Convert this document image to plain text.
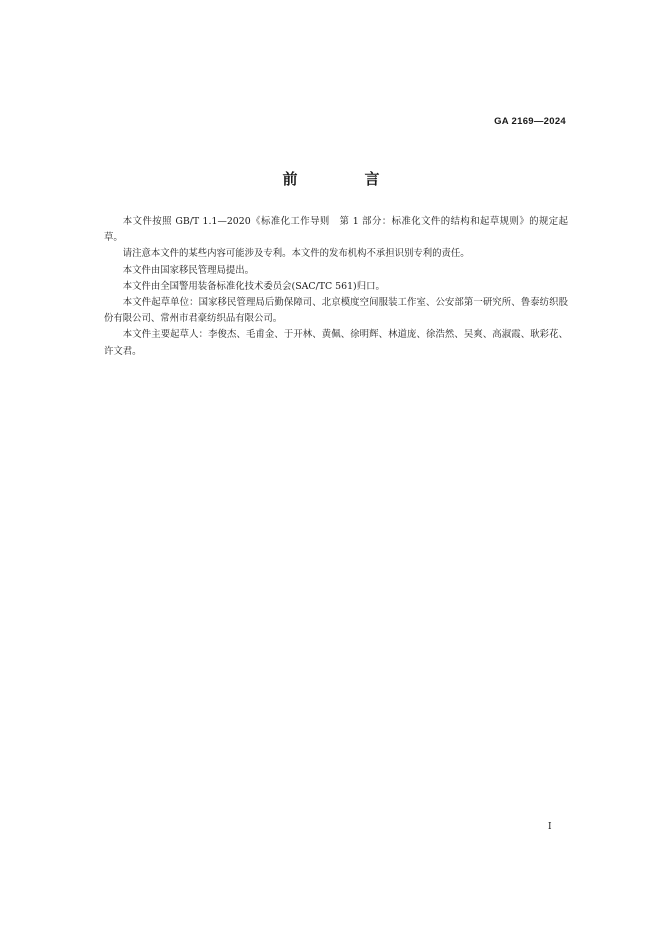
GA 2169—2024
前　言

本文件按照 GB/T 1.1—2020《标准化工作导则　第 1 部分：标准化文件的结构和起草规则》的规定起草。

请注意本文件的某些内容可能涉及专利。本文件的发布机构不承担识别专利的责任。

本文件由国家移民管理局提出。

本文件由全国警用装备标准化技术委员会(SAC/TC 561)归口。

本文件起草单位：国家移民管理局后勤保障司、北京模度空间服装工作室、公安部第一研究所、鲁泰纺织股份有限公司、常州市君豪纺织品有限公司。

本文件主要起草人：李俊杰、毛甫金、于开林、黄佩、徐明辉、林道庞、徐浩然、吴爽、高淑霞、耿彩花、许文君。

I
